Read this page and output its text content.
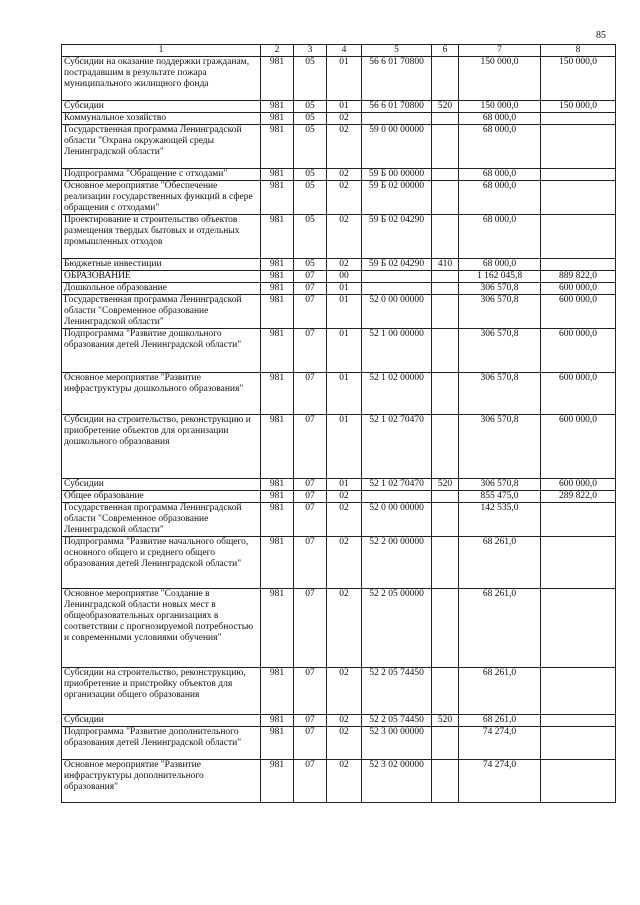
85
1	2	3	4	5	6	7	8
Субсидии на оказание поддержки гражданам, пострадавшим в результате пожара муниципального жилищного фонда	981	05	01	56 6 01 70800		150 000,0	150 000,0
Субсидии	981	05	01	56 6 01 70800	520	150 000,0	150 000,0
Коммунальное хозяйство	981	05	02			68 000,0	
Государственная программа Ленинградской области "Охрана окружающей среды Ленинградской области"	981	05	02	59 0 00 00000		68 000,0	
Подпрограмма "Обращение с отходами"	981	05	02	59 Б 00 00000		68 000,0	
Основное мероприятие "Обеспечение реализации государственных функций в сфере обращения с отходами"	981	05	02	59 Б 02 00000		68 000,0	
Проектирование и строительство объектов размещения твердых бытовых и отдельных промышленных отходов	981	05	02	59 Б 02 04290		68 000,0	
Бюджетные инвестиции	981	05	02	59 Б 02 04290	410	68 000,0	
ОБРАЗОВАНИЕ	981	07	00			1 162 045,8	889 822,0
Дошкольное образование	981	07	01			306 570,8	600 000,0
Государственная программа Ленинградской области "Современное образование Ленинградской области"	981	07	01	52 0 00 00000		306 570,8	600 000,0
Подпрограмма "Развитие дошкольного образования детей Ленинградской области"	981	07	01	52 1 00 00000		306 570,8	600 000,0
Основное мероприятие "Развитие инфраструктуры дошкольного образования"	981	07	01	52 1 02 00000		306 570,8	600 000,0
Субсидии на строительство, реконструкцию и приобретение объектов для организации дошкольного образования	981	07	01	52 1 02 70470		306 570,8	600 000,0
Субсидии	981	07	01	52 1 02 70470	520	306 570,8	600 000,0
Общее образование	981	07	02			855 475,0	289 822,0
Государственная программа Ленинградской области "Современное образование Ленинградской области"	981	07	02	52 0 00 00000		142 535,0	
Подпрограмма "Развитие начального общего, основного общего и среднего общего образования детей Ленинградской области"	981	07	02	52 2 00 00000		68 261,0	
Основное мероприятие "Создание в Ленинградской области новых мест в общеобразовательных организациях в соответствии с прогнозируемой потребностью и современными условиями обучения"	981	07	02	52 2 05 00000		68 261,0	
Субсидии на строительство, реконструкцию, приобретение и пристройку объектов для организации общего образования	981	07	02	52 2 05 74450		68 261,0	
Субсидии	981	07	02	52 2 05 74450	520	68 261,0	
Подпрограмма "Развитие дополнительного образования детей Ленинградской области"	981	07	02	52 3 00 00000		74 274,0	
Основное мероприятие "Развитие инфраструктуры дополнительного образования"	981	07	02	52 3 02 00000		74 274,0	
